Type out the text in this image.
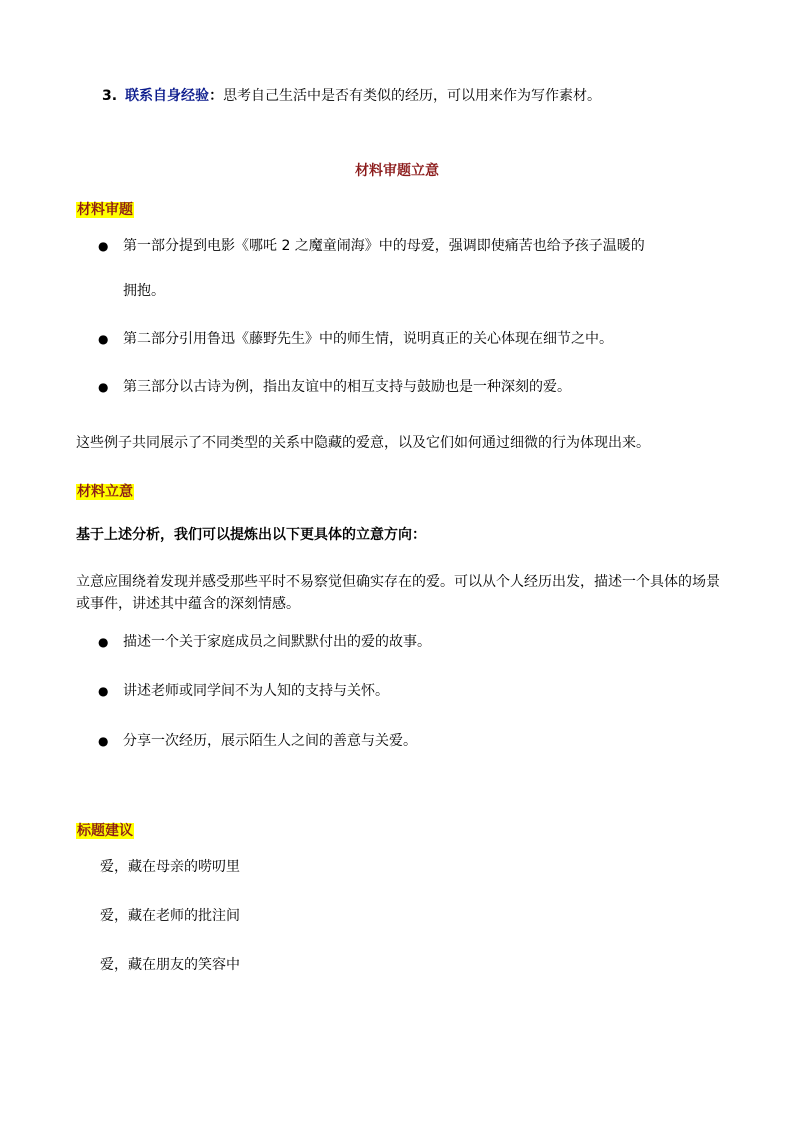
3. 联系自身经验：思考自己生活中是否有类似的经历，可以用来作为写作素材。
材料审题立意
材料审题
● 第一部分提到电影《哪吒 2 之魔童闹海》中的母爱，强调即使痛苦也给予孩子温暖的
拥抱。
● 第二部分引用鲁迅《藤野先生》中的师生情，说明真正的关心体现在细节之中。
● 第三部分以古诗为例，指出友谊中的相互支持与鼓励也是一种深刻的爱。
这些例子共同展示了不同类型的关系中隐藏的爱意，以及它们如何通过细微的行为体现出来。
材料立意
基于上述分析，我们可以提炼出以下更具体的立意方向：
立意应围绕着发现并感受那些平时不易察觉但确实存在的爱。可以从个人经历出发，描述一个具体的场景或事件，讲述其中蕴含的深刻情感。
● 描述一个关于家庭成员之间默默付出的爱的故事。
● 讲述老师或同学间不为人知的支持与关怀。
● 分享一次经历，展示陌生人之间的善意与关爱。
标题建议
爱，藏在母亲的唠叨里
爱，藏在老师的批注间
爱，藏在朋友的笑容中
